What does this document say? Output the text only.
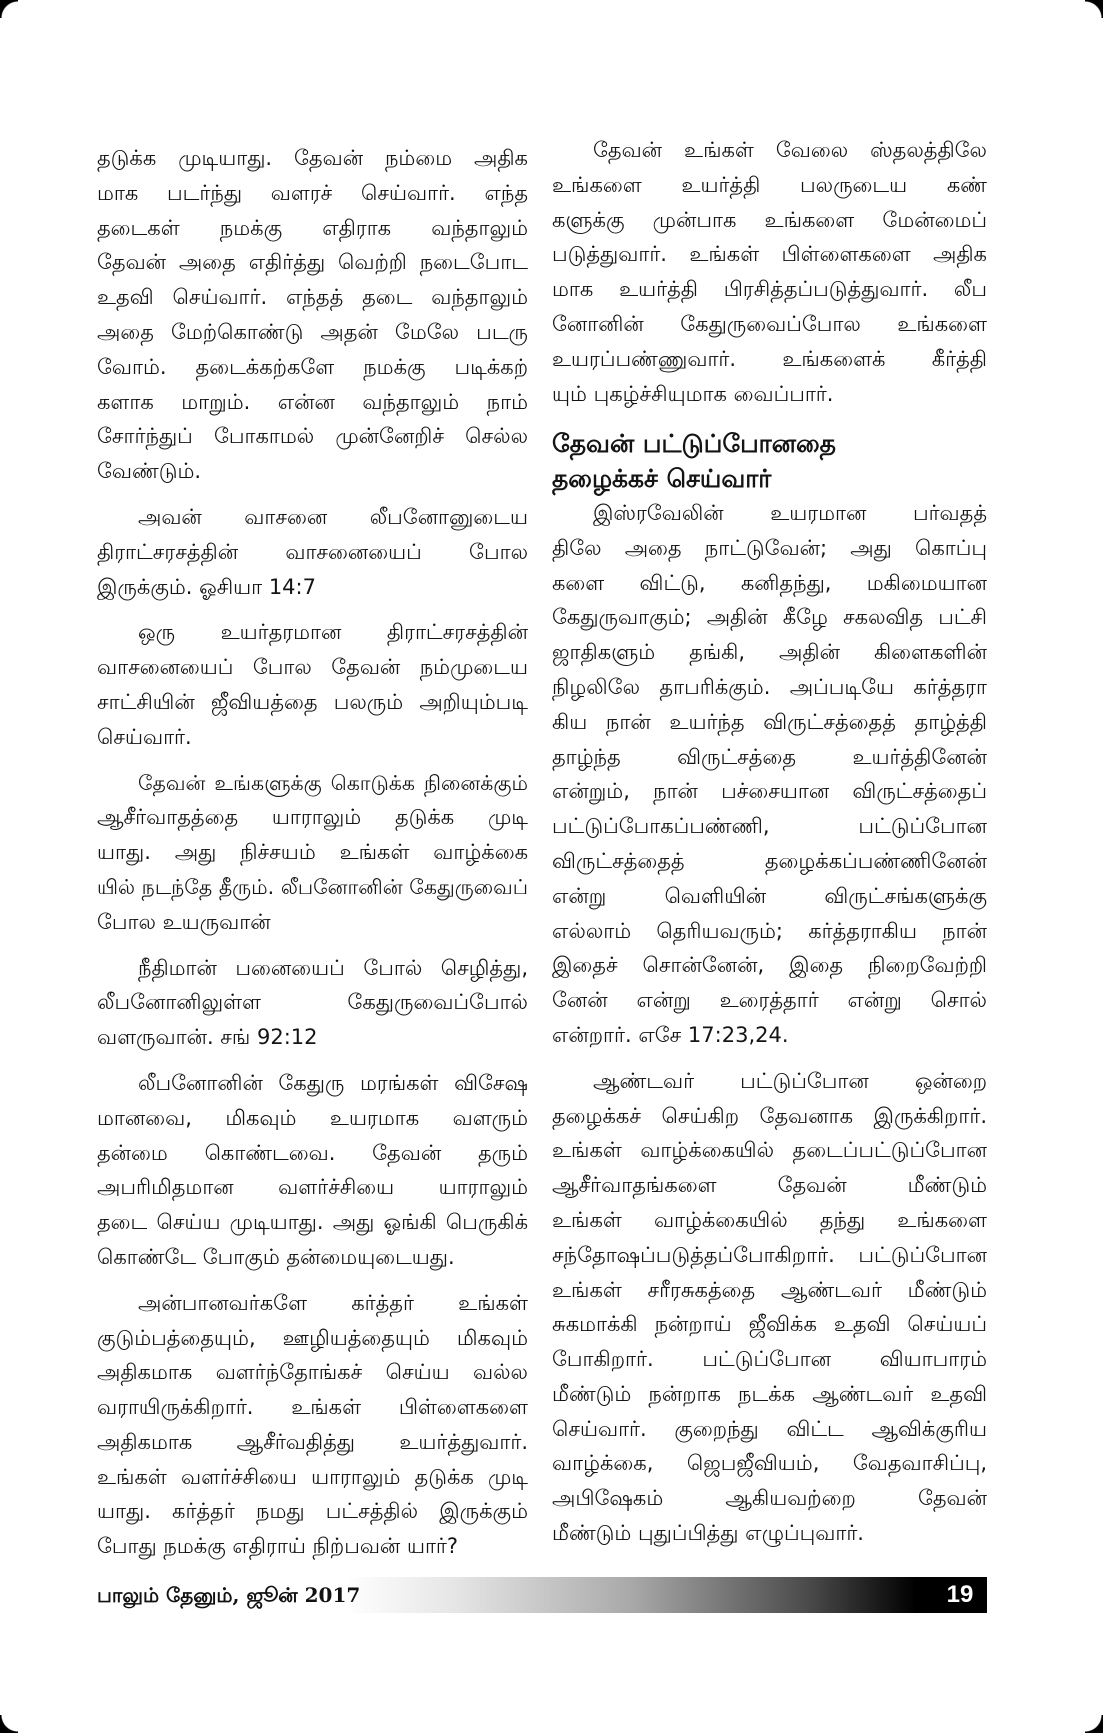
தடுக்க முடியாது. தேவன் நம்மை அதிக
மாக படர்ந்து வளரச் செய்வார். எந்த
தடைகள் நமக்கு எதிராக வந்தாலும்
தேவன் அதை எதிர்த்து வெற்றி நடைபோட
உதவி செய்வார். எந்தத் தடை வந்தாலும்
அதை மேற்கொண்டு அதன் மேலே படரு
வோம். தடைக்கற்களே நமக்கு படிக்கற்
களாக மாறும். என்ன வந்தாலும் நாம்
சோர்ந்துப் போகாமல் முன்னேறிச் செல்ல
வேண்டும்.
அவன் வாசனை லீபனோனுடைய
திராட்சரசத்தின் வாசனையைப் போல
இருக்கும். ஓசியா 14:7
ஒரு உயர்தரமான திராட்சரசத்தின்
வாசனையைப் போல தேவன் நம்முடைய
சாட்சியின் ஜீவியத்தை பலரும் அறியும்படி
செய்வார்.
தேவன் உங்களுக்கு கொடுக்க நினைக்கும்
ஆசீர்வாதத்தை யாராலும் தடுக்க முடி
யாது. அது நிச்சயம் உங்கள் வாழ்க்கை
யில் நடந்தே தீரும். லீபனோனின் கேதுருவைப்
போல உயருவான்
நீதிமான் பனையைப் போல் செழித்து,
லீபனோனிலுள்ள கேதுருவைப்போல்
வளருவான். சங் 92:12
லீபனோனின் கேதுரு மரங்கள் விசேஷ
மானவை, மிகவும் உயரமாக வளரும்
தன்மை கொண்டவை. தேவன் தரும்
அபரிமிதமான வளர்ச்சியை யாராலும்
தடை செய்ய முடியாது. அது ஓங்கி பெருகிக்
கொண்டே போகும் தன்மையுடையது.
அன்பானவர்களே கர்த்தர் உங்கள்
குடும்பத்தையும், ஊழியத்தையும் மிகவும்
அதிகமாக வளர்ந்தோங்கச் செய்ய வல்ல
வராயிருக்கிறார். உங்கள் பிள்ளைகளை
அதிகமாக ஆசீர்வதித்து உயர்த்துவார்.
உங்கள் வளர்ச்சியை யாராலும் தடுக்க முடி
யாது. கர்த்தர் நமது பட்சத்தில் இருக்கும்
போது நமக்கு எதிராய் நிற்பவன் யார்?
தேவன் உங்கள் வேலை ஸ்தலத்திலே
உங்களை உயர்த்தி பலருடைய கண்
களுக்கு முன்பாக உங்களை மேன்மைப்
படுத்துவார். உங்கள் பிள்ளைகளை அதிக
மாக உயர்த்தி பிரசித்தப்படுத்துவார். லீப
னோனின் கேதுருவைப்போல உங்களை
உயரப்பண்ணுவார். உங்களைக் கீர்த்தி
யும் புகழ்ச்சியுமாக வைப்பார்.
தேவன் பட்டுப்போனதை
தழைக்கச் செய்வார்
இஸ்ரவேலின் உயரமான பர்வதத்
திலே அதை நாட்டுவேன்; அது கொப்பு
களை விட்டு, கனிதந்து, மகிமையான
கேதுருவாகும்; அதின் கீழே சகலவித பட்சி
ஜாதிகளும் தங்கி, அதின் கிளைகளின்
நிழலிலே தாபரிக்கும். அப்படியே கர்த்தரா
கிய நான் உயர்ந்த விருட்சத்தைத் தாழ்த்தி
தாழ்ந்த விருட்சத்தை உயர்த்தினேன்
என்றும், நான் பச்சையான விருட்சத்தைப்
பட்டுப்போகப்பண்ணி, பட்டுப்போன
விருட்சத்தைத் தழைக்கப்பண்ணினேன்
என்று வெளியின் விருட்சங்களுக்கு
எல்லாம் தெரியவரும்; கர்த்தராகிய நான்
இதைச் சொன்னேன், இதை நிறைவேற்றி
னேன் என்று உரைத்தார் என்று சொல்
என்றார். எசே 17:23,24.
ஆண்டவர் பட்டுப்போன ஒன்றை
தழைக்கச் செய்கிற தேவனாக இருக்கிறார்.
உங்கள் வாழ்க்கையில் தடைப்பட்டுப்போன
ஆசீர்வாதங்களை தேவன் மீண்டும்
உங்கள் வாழ்க்கையில் தந்து உங்களை
சந்தோஷப்படுத்தப்போகிறார். பட்டுப்போன
உங்கள் சரீரசுகத்தை ஆண்டவர் மீண்டும்
சுகமாக்கி நன்றாய் ஜீவிக்க உதவி செய்யப்
போகிறார். பட்டுப்போன வியாபாரம்
மீண்டும் நன்றாக நடக்க ஆண்டவர் உதவி
செய்வார். குறைந்து விட்ட ஆவிக்குரிய
வாழ்க்கை, ஜெபஜீவியம், வேதவாசிப்பு,
அபிஷேகம் ஆகியவற்றை தேவன்
மீண்டும் புதுப்பித்து எழுப்புவார்.
பாலும் தேனும், ஜூன் 2017	19
